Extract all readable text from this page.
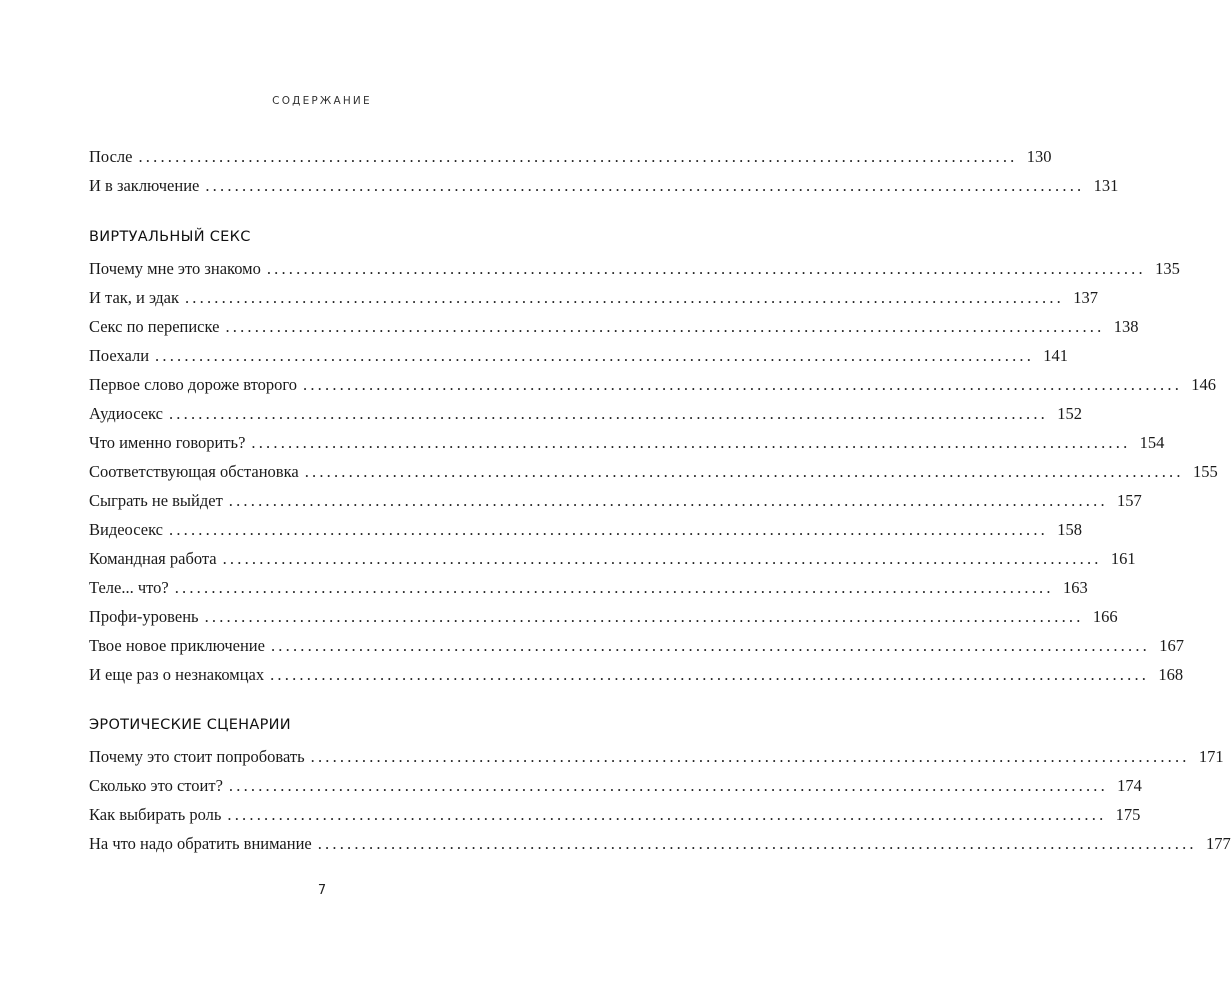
СОДЕРЖАНИЕ
После ........................................................................................................................ 130
И в заключение ........................................................................................................................ 131
ВИРТУАЛЬНЫЙ СЕКС
Почему мне это знакомо ........................................................................................................................ 135
И так, и эдак ........................................................................................................................ 137
Секс по переписке ........................................................................................................................ 138
Поехали ........................................................................................................................ 141
Первое слово дороже второго ........................................................................................................................ 146
Аудиосекс ........................................................................................................................ 152
Что именно говорить? ........................................................................................................................ 154
Соответствующая обстановка ........................................................................................................................ 155
Сыграть не выйдет ........................................................................................................................ 157
Видеосекс ........................................................................................................................ 158
Командная работа ........................................................................................................................ 161
Теле... что? ........................................................................................................................ 163
Профи-уровень ........................................................................................................................ 166
Твое новое приключение ........................................................................................................................ 167
И еще раз о незнакомцах ........................................................................................................................ 168
ЭРОТИЧЕСКИЕ СЦЕНАРИИ
Почему это стоит попробовать ........................................................................................................................ 171
Сколько это стоит? ........................................................................................................................ 174
Как выбирать роль ........................................................................................................................ 175
На что надо обратить внимание ........................................................................................................................ 177
7
